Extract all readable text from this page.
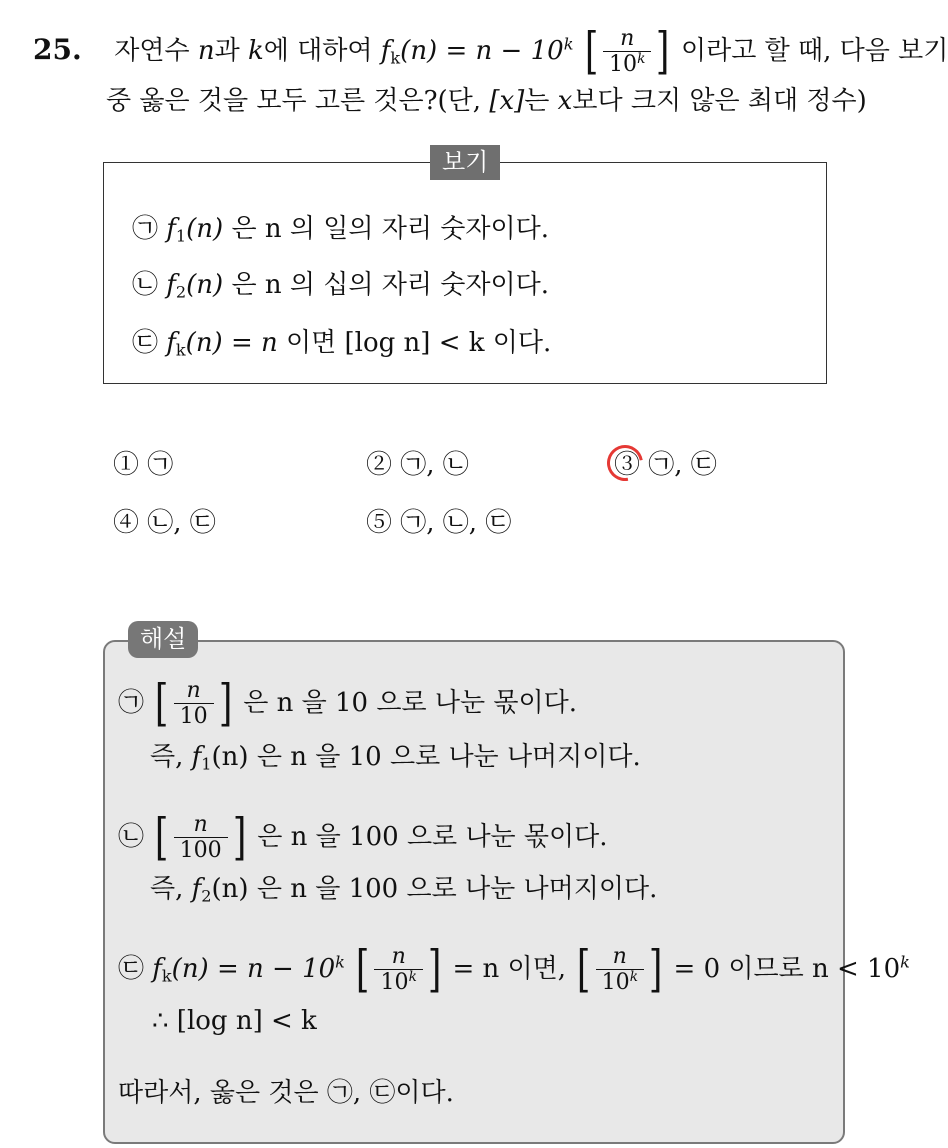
25. 자연수 n과 k에 대하여 $f_k(n) = n - 10^k$ [ $\frac{n}{10^k}$ ] 이라고 할 때, 다음 보기
중 옳은 것을 모두 고른 것은?(단, [x]는 x보다 크지 않은 최대 정수)
보기
㉠ $f_1(n)$ 은 n 의 일의 자리 숫자이다.
㉡ $f_2(n)$ 은 n 의 십의 자리 숫자이다.
㉢ $f_k(n) = n$ 이면 [log n] < k 이다.
① ㉠	② ㉠, ㉡	③ ㉠, ㉢
④ ㉡, ㉢	⑤ ㉠, ㉡, ㉢
해설
㉠ [ $\frac{n}{10}$ ] 은 n 을 10 으로 나눈 몫이다.
즉, $f_1(n)$ 은 n 을 10 으로 나눈 나머지이다.
㉡ [ $\frac{n}{100}$ ] 은 n 을 100 으로 나눈 몫이다.
즉, $f_2(n)$ 은 n 을 100 으로 나눈 나머지이다.
㉢ $f_k(n) = n - 10^k$ [ $\frac{n}{10^k}$ ] = n 이면, [ $\frac{n}{10^k}$ ] = 0 이므로 $n < 10^k$
∴ [log n] < k
따라서, 옳은 것은 ㉠, ㉢이다.
